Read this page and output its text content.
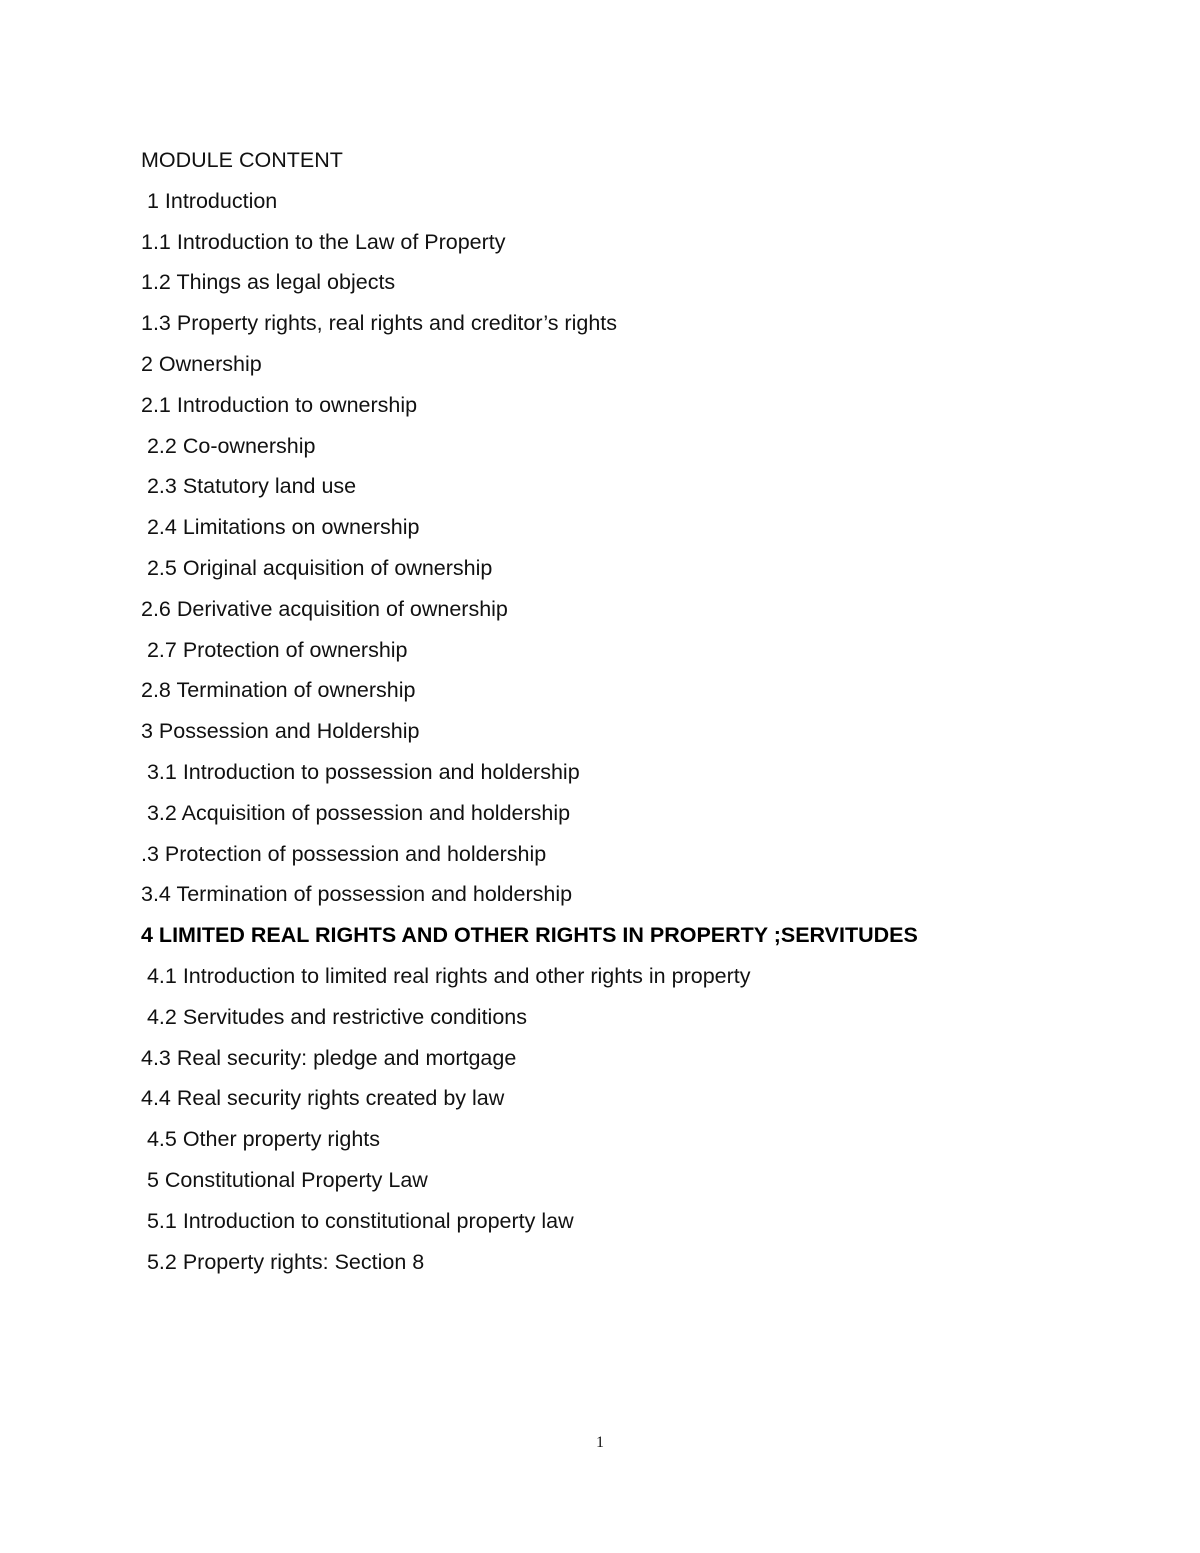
MODULE CONTENT

1 Introduction

1.1 Introduction to the Law of Property

1.2 Things as legal objects

1.3 Property rights, real rights and creditor’s rights

2 Ownership

2.1 Introduction to ownership

2.2 Co-ownership

2.3 Statutory land use

2.4 Limitations on ownership

2.5 Original acquisition of ownership

2.6 Derivative acquisition of ownership

2.7 Protection of ownership

2.8 Termination of ownership

3 Possession and Holdership

3.1 Introduction to possession and holdership

3.2 Acquisition of possession and holdership

.3 Protection of possession and holdership

3.4 Termination of possession and holdership

4 LIMITED REAL RIGHTS AND OTHER RIGHTS IN PROPERTY ;SERVITUDES

4.1 Introduction to limited real rights and other rights in property

4.2 Servitudes and restrictive conditions

4.3 Real security: pledge and mortgage

4.4 Real security rights created by law

4.5 Other property rights

5 Constitutional Property Law

5.1 Introduction to constitutional property law

5.2 Property rights: Section 8

1
